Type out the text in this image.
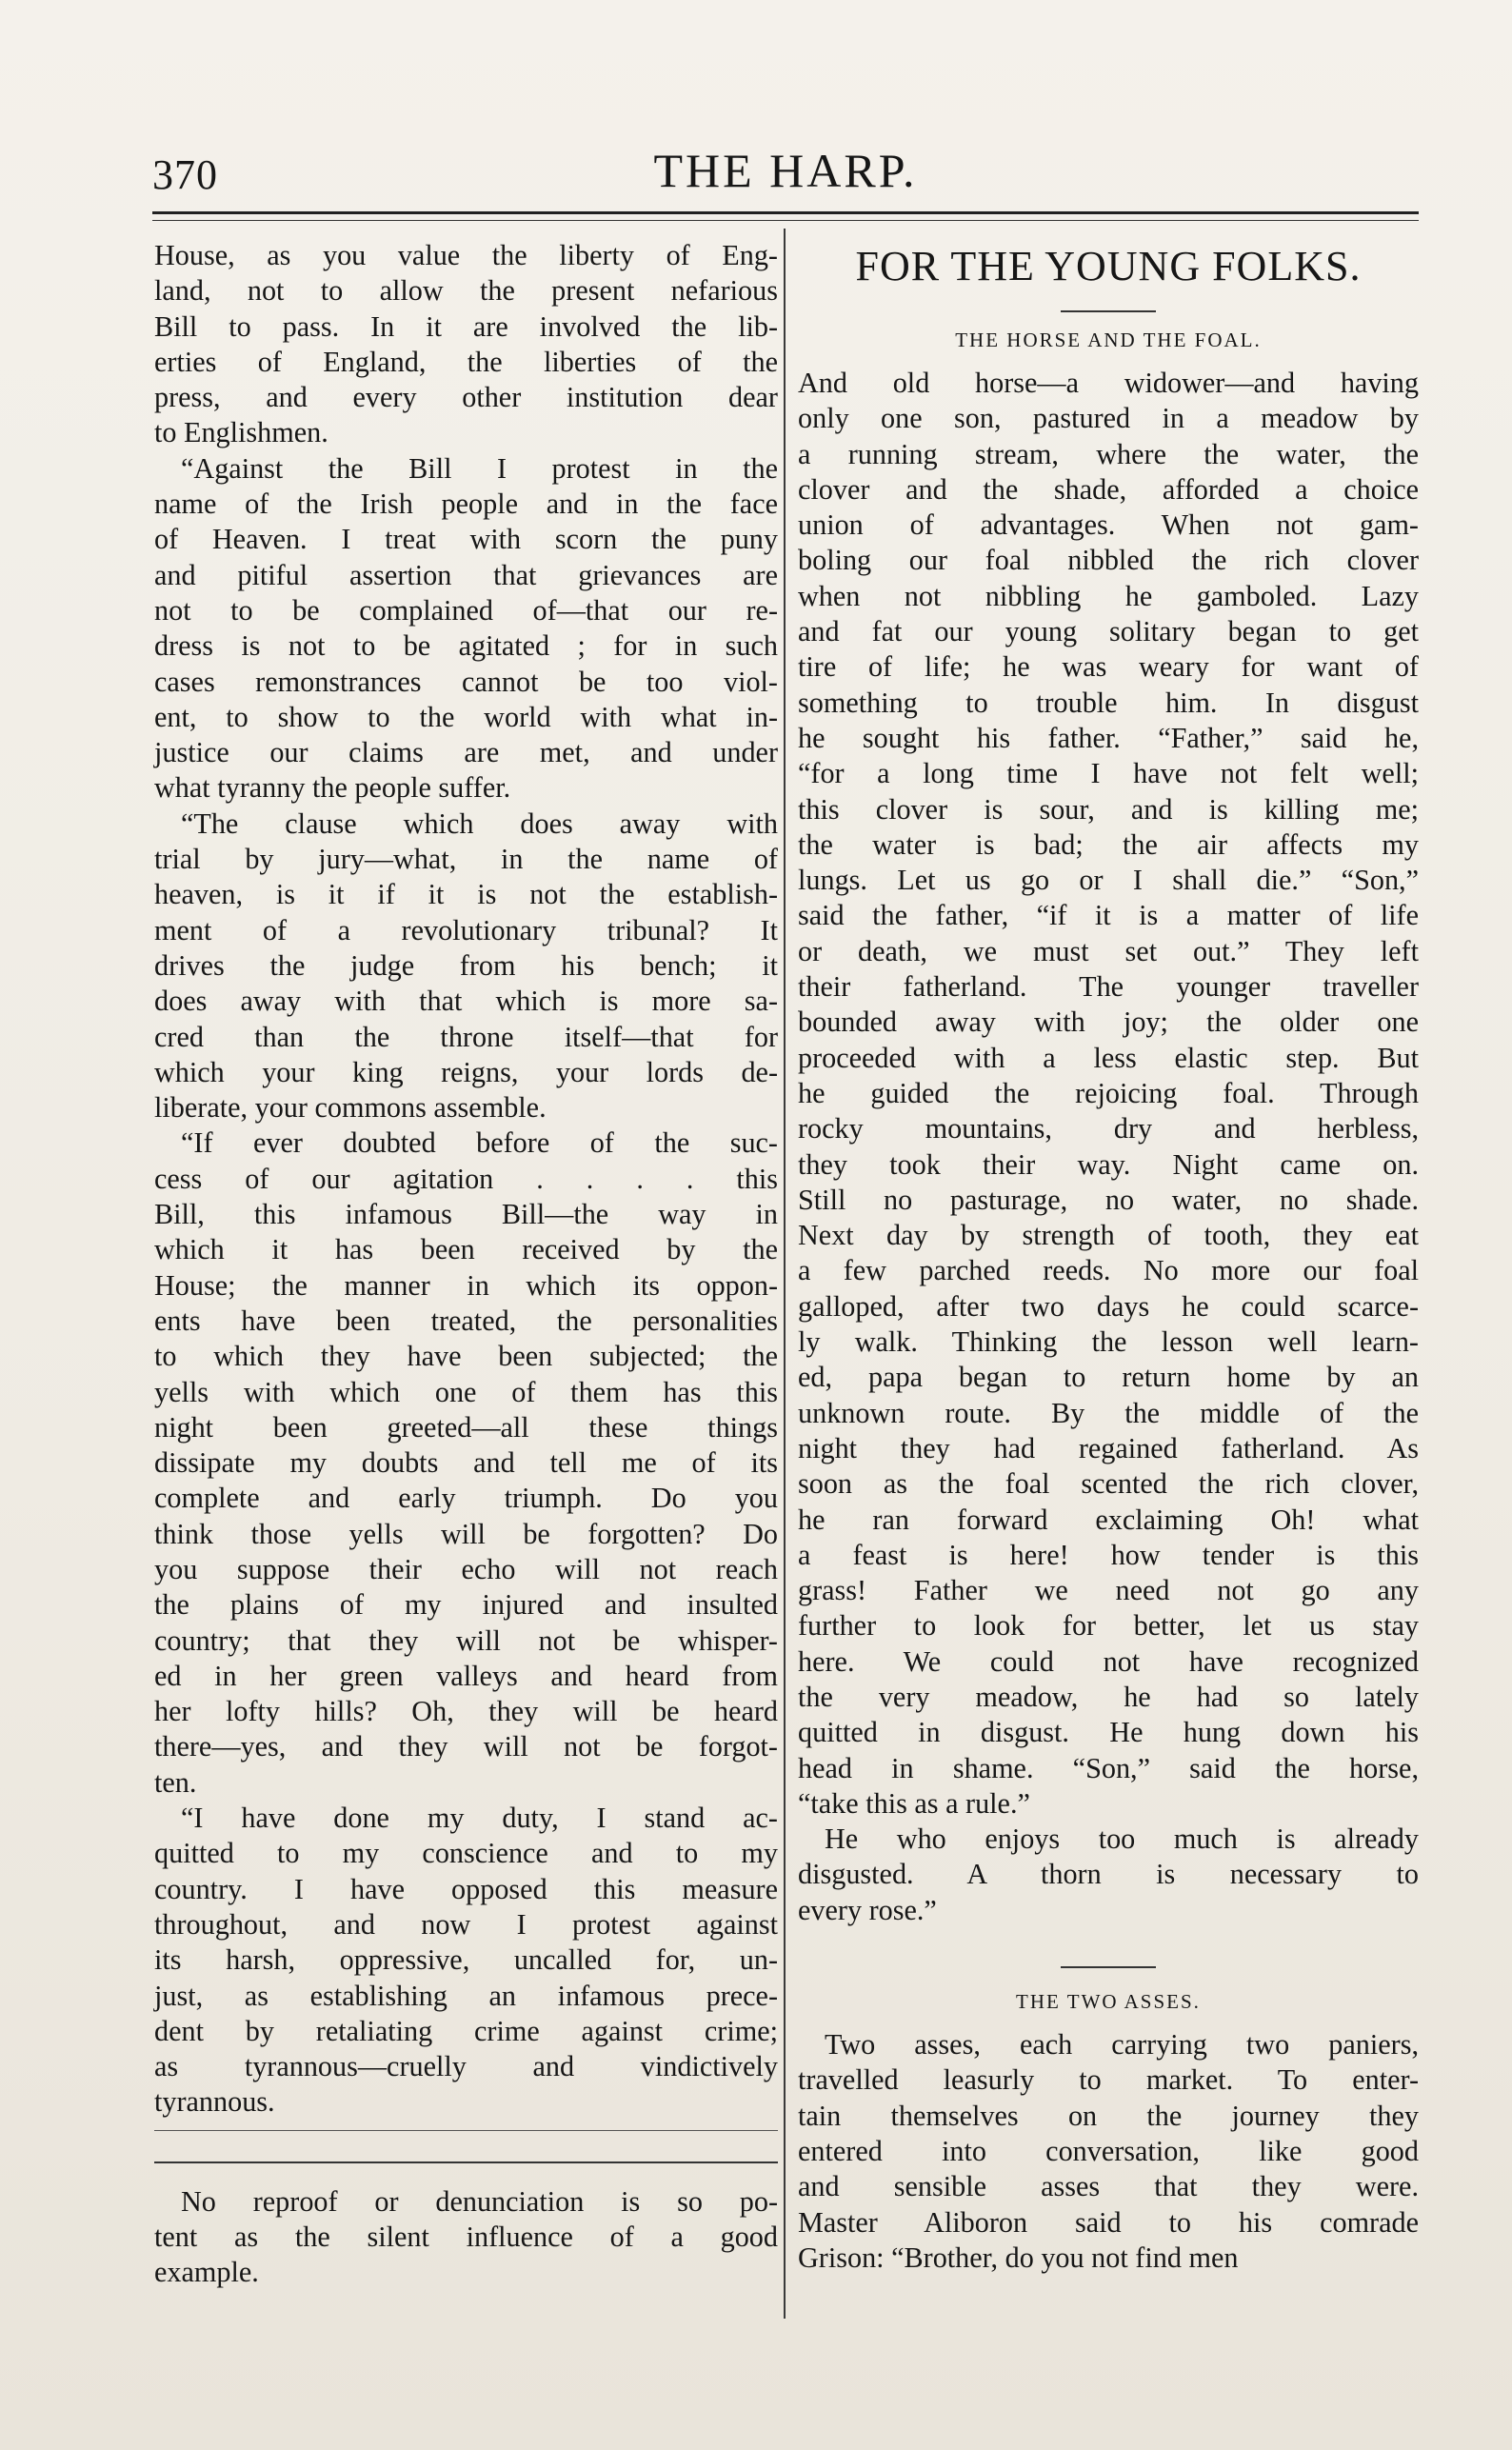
370	THE HARP.

House, as you value the liberty of Eng-
land, not to allow the present nefarious
Bill to pass. In it are involved the lib-
erties of England, the liberties of the
press, and every other institution dear
to Englishmen.

“Against the Bill I protest in the
name of the Irish people and in the face
of Heaven. I treat with scorn the puny
and pitiful assertion that grievances are
not to be complained of—that our re-
dress is not to be agitated ; for in such
cases remonstrances cannot be too viol-
ent, to show to the world with what in-
justice our claims are met, and under
what tyranny the people suffer.

“The clause which does away with
trial by jury—what, in the name of
heaven, is it if it is not the establish-
ment of a revolutionary tribunal? It
drives the judge from his bench; it
does away with that which is more sa-
cred than the throne itself—that for
which your king reigns, your lords de-
liberate, your commons assemble.

“If ever doubted before of the suc-
cess of our agitation . . . . this
Bill, this infamous Bill—the way in
which it has been received by the
House; the manner in which its oppon-
ents have been treated, the personalities
to which they have been subjected; the
yells with which one of them has this
night been greeted—all these things
dissipate my doubts and tell me of its
complete and early triumph. Do you
think those yells will be forgotten? Do
you suppose their echo will not reach
the plains of my injured and insulted
country; that they will not be whisper-
ed in her green valleys and heard from
her lofty hills? Oh, they will be heard
there—yes, and they will not be forgot-
ten.

“I have done my duty, I stand ac-
quitted to my conscience and to my
country. I have opposed this measure
throughout, and now I protest against
its harsh, oppressive, uncalled for, un-
just, as establishing an infamous prece-
dent by retaliating crime against crime;
as tyrannous—cruelly and vindictively
tyrannous.

No reproof or denunciation is so po-
tent as the silent influence of a good
example.

FOR THE YOUNG FOLKS.
THE HORSE AND THE FOAL.

And old horse—a widower—and having
only one son, pastured in a meadow by
a running stream, where the water, the
clover and the shade, afforded a choice
union of advantages. When not gam-
boling our foal nibbled the rich clover
when not nibbling he gamboled. Lazy
and fat our young solitary began to get
tire of life; he was weary for want of
something to trouble him. In disgust
he sought his father. “Father,” said he,
“for a long time I have not felt well;
this clover is sour, and is killing me;
the water is bad; the air affects my
lungs. Let us go or I shall die.” “Son,”
said the father, “if it is a matter of life
or death, we must set out.” They left
their fatherland. The younger traveller
bounded away with joy; the older one
proceeded with a less elastic step. But
he guided the rejoicing foal. Through
rocky mountains, dry and herbless,
they took their way. Night came on.
Still no pasturage, no water, no shade.
Next day by strength of tooth, they eat
a few parched reeds. No more our foal
galloped, after two days he could scarce-
ly walk. Thinking the lesson well learn-
ed, papa began to return home by an
unknown route. By the middle of the
night they had regained fatherland. As
soon as the foal scented the rich clover,
he ran forward exclaiming Oh! what
a feast is here! how tender is this
grass! Father we need not go any
further to look for better, let us stay
here. We could not have recognized
the very meadow, he had so lately
quitted in disgust. He hung down his
head in shame. “Son,” said the horse,
“take this as a rule.”

He who enjoys too much is already
disgusted. A thorn is necessary to
every rose.”

THE TWO ASSES.

Two asses, each carrying two paniers,
travelled leasurly to market. To enter-
tain themselves on the journey they
entered into conversation, like good
and sensible asses that they were.
Master Aliboron said to his comrade
Grison: “Brother, do you not find men
